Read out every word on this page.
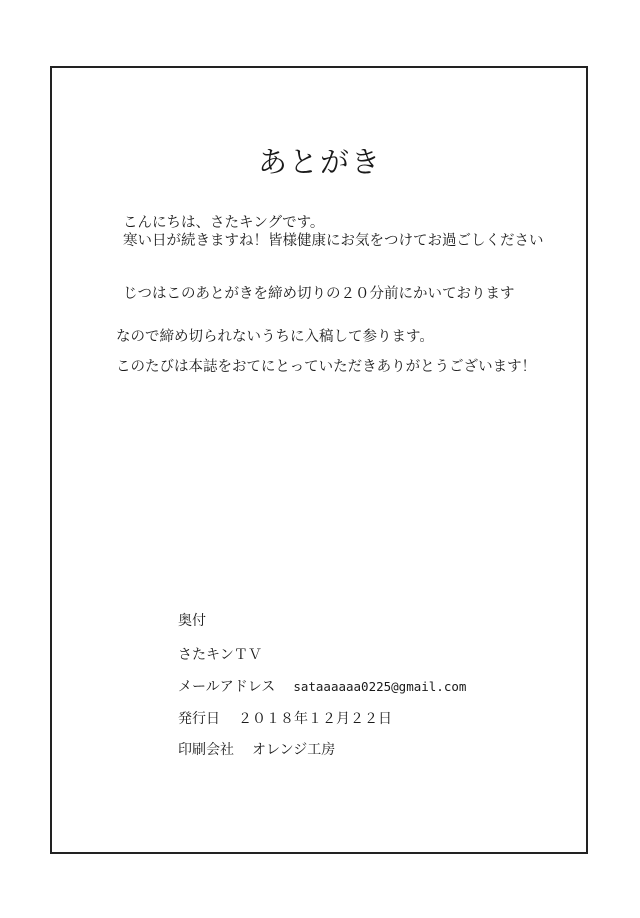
あとがき

こんにちは、さたキングです。

寒い日が続きますね！皆様健康にお気をつけてお過ごしください

じつはこのあとがきを締め切りの２０分前にかいております

なので締め切られないうちに入稿して参ります。

このたびは本誌をおてにとっていただきありがとうございます！

奥付

さたキンＴＶ

メールアドレス sataaaaaa0225@gmail.com

発行日 ２０１８年１２月２２日

印刷会社 オレンジ工房
